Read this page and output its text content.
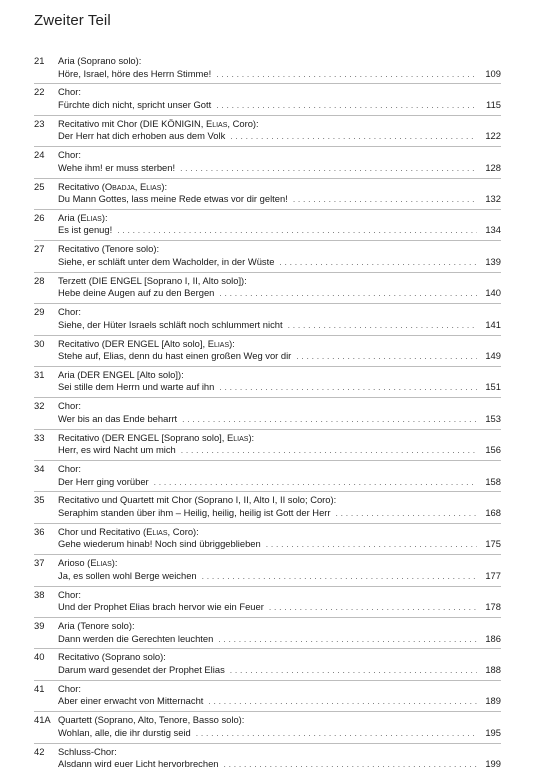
Zweiter Teil
21	Aria (Soprano solo):
Höre, Israel, höre des Herrn Stimme! . . .	109
22	Chor:
Fürchte dich nicht, spricht unser Gott . . .	115
23	Recitativo mit Chor (DIE KÖNIGIN, Elias, Coro):
Der Herr hat dich erhoben aus dem Volk . . .	122
24	Chor:
Wehe ihm! er muss sterben! . . .	128
25	Recitativo (Obadja, Elias):
Du Mann Gottes, lass meine Rede etwas vor dir gelten! . . .	132
26	Aria (Elias):
Es ist genug! . . .	134
27	Recitativo (Tenore solo):
Siehe, er schläft unter dem Wacholder, in der Wüste . . .	139
28	Terzett (DIE ENGEL [Soprano I, II, Alto solo]):
Hebe deine Augen auf zu den Bergen . . .	140
29	Chor:
Siehe, der Hüter Israels schläft noch schlummert nicht . . .	141
30	Recitativo (DER ENGEL [Alto solo], Elias):
Stehe auf, Elias, denn du hast einen großen Weg vor dir . . .	149
31	Aria (DER ENGEL [Alto solo]):
Sei stille dem Herrn und warte auf ihn . . .	151
32	Chor:
Wer bis an das Ende beharrt . . .	153
33	Recitativo (DER ENGEL [Soprano solo], Elias):
Herr, es wird Nacht um mich . . .	156
34	Chor:
Der Herr ging vorüber . . .	158
35	Recitativo und Quartett mit Chor (Soprano I, II, Alto I, II solo; Coro):
Seraphim standen über ihm – Heilig, heilig, heilig ist Gott der Herr . . .	168
36	Chor und Recitativo (Elias, Coro):
Gehe wiederum hinab! Noch sind übriggeblieben . . .	175
37	Arioso (Elias):
Ja, es sollen wohl Berge weichen . . .	177
38	Chor:
Und der Prophet Elias brach hervor wie ein Feuer . . .	178
39	Aria (Tenore solo):
Dann werden die Gerechten leuchten . . .	186
40	Recitativo (Soprano solo):
Darum ward gesendet der Prophet Elias . . .	188
41	Chor:
Aber einer erwacht von Mitternacht . . .	189
41A Quartett (Soprano, Alto, Tenore, Basso solo):
Wohlan, alle, die ihr durstig seid . . .	195
42	Schluss-Chor:
Alsdann wird euer Licht hervorbrechen . . .	199
